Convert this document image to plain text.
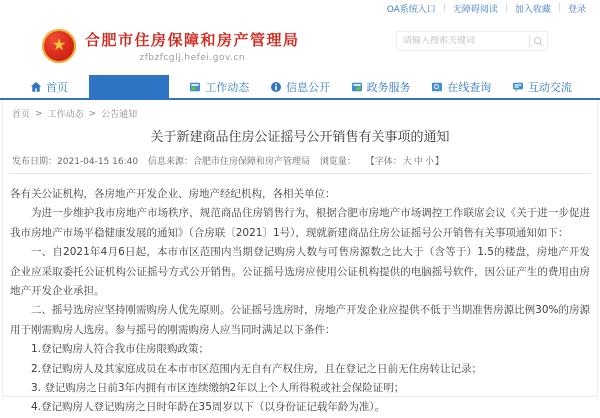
OA系统入口 | 无障碍阅读 | 加入收藏 | 登录
★ 合肥市住房保障和房产管理局
zfbzfcglj.hefei.gov.cn
请输入搜索关键词
首页	工作动态	信息公开	政务服务	在线查询	互动交流
首页 > 工作动态 > 公告通知
关于新建商品住房公证摇号公开销售有关事项的通知
发布日期：2021-04-15 16:40 信息来源：合肥市住房保障和房产管理局 浏览量： 【字体：大 中 小】

各有关公证机构，各房地产开发企业、房地产经纪机构，各相关单位：

为进一步维护我市房地产市场秩序，规范商品住房销售行为，根据合肥市房地产市场调控工作联席会议《关于进一步促进我市房地产市场平稳健康发展的通知》（合房联〔2021〕1号），现就新建商品住房公证摇号公开销售有关事项通知如下：

一、自2021年4月6日起，本市市区范围内当期登记购房人数与可售房源数之比大于（含等于）1.5的楼盘，房地产开发企业应采取委托公证机构公证摇号方式公开销售。公证摇号选房应使用公证机构提供的电脑摇号软件，因公证产生的费用由房地产开发企业承担。

二、摇号选房应坚持刚需购房人优先原则。公证摇号选房时，房地产开发企业应提供不低于当期准售房源比例30%的房源用于刚需购房人选房。参与摇号的刚需购房人应当同时满足以下条件：

1.登记购房人符合我市住房限购政策；

2.登记购房人及其家庭成员在本市市区范围内无自有产权住房，且在登记之日前无住房转让记录；

3. 登记购房之日前3年内拥有市区连续缴纳2年以上个人所得税或社会保险证明；

4.登记购房人登记购房之日时年龄在35周岁以下（以身份证记载年龄为准）。
